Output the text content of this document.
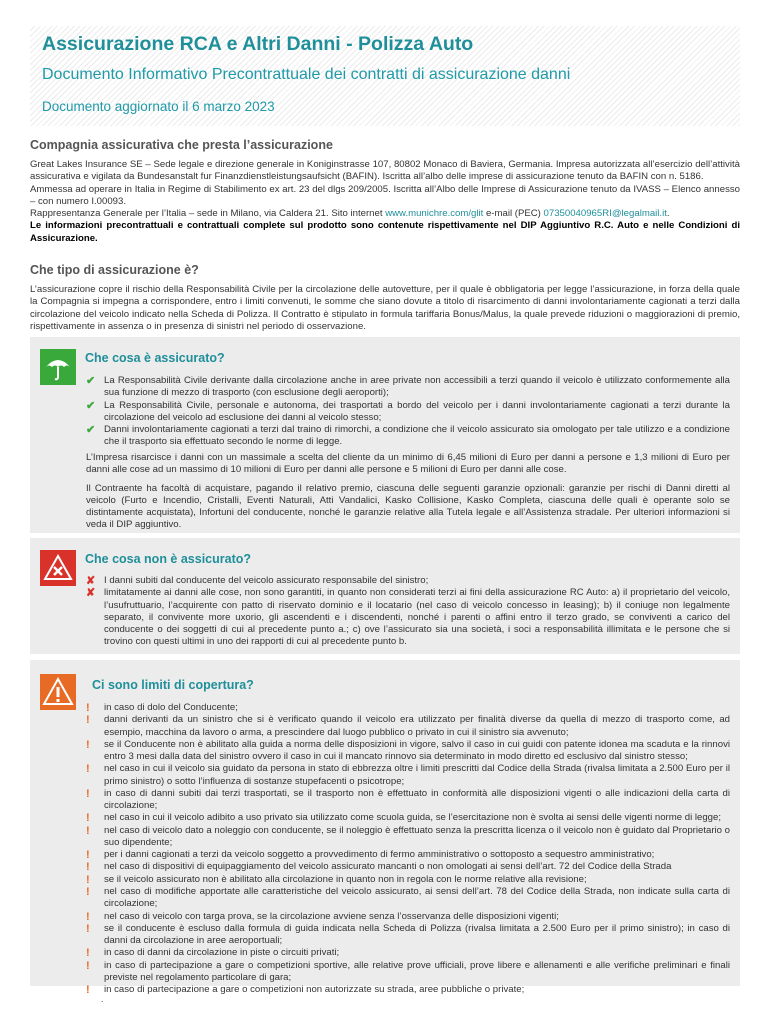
Assicurazione RCA e Altri Danni - Polizza Auto
Documento Informativo Precontrattuale dei contratti di assicurazione danni
Documento aggiornato il 6 marzo 2023
Compagnia assicurativa che presta l’assicurazione

Great Lakes Insurance SE – Sede legale e direzione generale in Koniginstrasse 107, 80802 Monaco di Baviera, Germania. Impresa autorizzata all’esercizio dell’attività assicurativa e vigilata da Bundesanstalt fur Finanzdienstleistungsaufsicht (BAFIN). Iscritta all’albo delle imprese di assicurazione tenuto da BAFIN con n. 5186.

Ammessa ad operare in Italia in Regime di Stabilimento ex art. 23 del dlgs 209/2005. Iscritta all’Albo delle Imprese di Assicurazione tenuto da IVASS – Elenco annesso – con numero I.00093.

Rappresentanza Generale per l’Italia – sede in Milano, via Caldera 21. Sito internet www.munichre.com/glit e-mail (PEC) 07350040965RI@legalmail.it.

Le informazioni precontrattuali e contrattuali complete sul prodotto sono contenute rispettivamente nel DIP Aggiuntivo R.C. Auto e nelle Condizioni di Assicurazione.

Che tipo di assicurazione è?

L’assicurazione copre il rischio della Responsabilità Civile per la circolazione delle autovetture, per il quale è obbligatoria per legge l’assicurazione, in forza della quale la Compagnia si impegna a corrispondere, entro i limiti convenuti, le somme che siano dovute a titolo di risarcimento di danni involontariamente cagionati a terzi dalla circolazione del veicolo indicato nella Scheda di Polizza. Il Contratto è stipulato in formula tariffaria Bonus/Malus, la quale prevede riduzioni o maggiorazioni di premio, rispettivamente in assenza o in presenza di sinistri nel periodo di osservazione.

Che cosa è assicurato?
✔ La Responsabilità Civile derivante dalla circolazione anche in aree private non accessibili a terzi quando il veicolo è utilizzato conformemente alla sua funzione di mezzo di trasporto (con esclusione degli aeroporti);
✔ La Responsabilità Civile, personale e autonoma, dei trasportati a bordo del veicolo per i danni involontariamente cagionati a terzi durante la circolazione del veicolo ad esclusione dei danni al veicolo stesso;
✔ Danni involontariamente cagionati a terzi dal traino di rimorchi, a condizione che il veicolo assicurato sia omologato per tale utilizzo e a condizione che il trasporto sia effettuato secondo le norme di legge.

L’Impresa risarcisce i danni con un massimale a scelta del cliente da un minimo di 6,45 milioni di Euro per danni a persone e 1,3 milioni di Euro per danni alle cose ad un massimo di 10 milioni di Euro per danni alle persone e 5 milioni di Euro per danni alle cose.

Il Contraente ha facoltà di acquistare, pagando il relativo premio, ciascuna delle seguenti garanzie opzionali: garanzie per rischi di Danni diretti al veicolo (Furto e Incendio, Cristalli, Eventi Naturali, Atti Vandalici, Kasko Collisione, Kasko Completa, ciascuna delle quali è operante solo se distintamente acquistata), Infortuni del conducente, nonché le garanzie relative alla Tutela legale e all’Assistenza stradale. Per ulteriori informazioni si veda il DIP aggiuntivo.

Che cosa non è assicurato?
✘ I danni subiti dal conducente del veicolo assicurato responsabile del sinistro;
✘ limitatamente ai danni alle cose, non sono garantiti, in quanto non considerati terzi ai fini della assicurazione RC Auto: a) il proprietario del veicolo, l’usufruttuario, l’acquirente con patto di riservato dominio e il locatario (nel caso di veicolo concesso in leasing); b) il coniuge non legalmente separato, il convivente more uxorio, gli ascendenti e i discendenti, nonché i parenti o affini entro il terzo grado, se conviventi a carico del conducente o dei soggetti di cui al precedente punto a.; c) ove l’assicurato sia una società, i soci a responsabilità illimitata e le persone che si trovino con questi ultimi in uno dei rapporti di cui al precedente punto b.
Ci sono limiti di copertura?
! in caso di dolo del Conducente;
! danni derivanti da un sinistro che si è verificato quando il veicolo era utilizzato per finalità diverse da quella di mezzo di trasporto come, ad esempio, macchina da lavoro o arma, a prescindere dal luogo pubblico o privato in cui il sinistro sia avvenuto;
! se il Conducente non è abilitato alla guida a norma delle disposizioni in vigore, salvo il caso in cui guidi con patente idonea ma scaduta e la rinnovi entro 3 mesi dalla data del sinistro ovvero il caso in cui il mancato rinnovo sia determinato in modo diretto ed esclusivo dal sinistro stesso;
! nel caso in cui il veicolo sia guidato da persona in stato di ebbrezza oltre i limiti prescritti dal Codice della Strada (rivalsa limitata a 2.500 Euro per il primo sinistro) o sotto l’influenza di sostanze stupefacenti o psicotrope;
! in caso di danni subiti dai terzi trasportati, se il trasporto non è effettuato in conformità alle disposizioni vigenti o alle indicazioni della carta di circolazione;
! nel caso in cui il veicolo adibito a uso privato sia utilizzato come scuola guida, se l’esercitazione non è svolta ai sensi delle vigenti norme di legge;
! nel caso di veicolo dato a noleggio con conducente, se il noleggio è effettuato senza la prescritta licenza o il veicolo non è guidato dal Proprietario o suo dipendente;
! per i danni cagionati a terzi da veicolo soggetto a provvedimento di fermo amministrativo o sottoposto a sequestro amministrativo;
! nel caso di dispositivi di equipaggiamento del veicolo assicurato mancanti o non omologati ai sensi dell’art. 72 del Codice della Strada
! se il veicolo assicurato non è abilitato alla circolazione in quanto non in regola con le norme relative alla revisione;
! nel caso di modifiche apportate alle caratteristiche del veicolo assicurato, ai sensi dell’art. 78 del Codice della Strada, non indicate sulla carta di circolazione;
! nel caso di veicolo con targa prova, se la circolazione avviene senza l’osservanza delle disposizioni vigenti;
! se il conducente è escluso dalla formula di guida indicata nella Scheda di Polizza (rivalsa limitata a 2.500 Euro per il primo sinistro); in caso di danni da circolazione in aree aeroportuali;
! in caso di danni da circolazione in piste o circuiti privati;
! in caso di partecipazione a gare o competizioni sportive, alle relative prove ufficiali, prove libere e allenamenti e alle verifiche preliminari e finali previste nel regolamento particolare di gara;
! in caso di partecipazione a gare o competizioni non autorizzate su strada, aree pubbliche o private;
.
